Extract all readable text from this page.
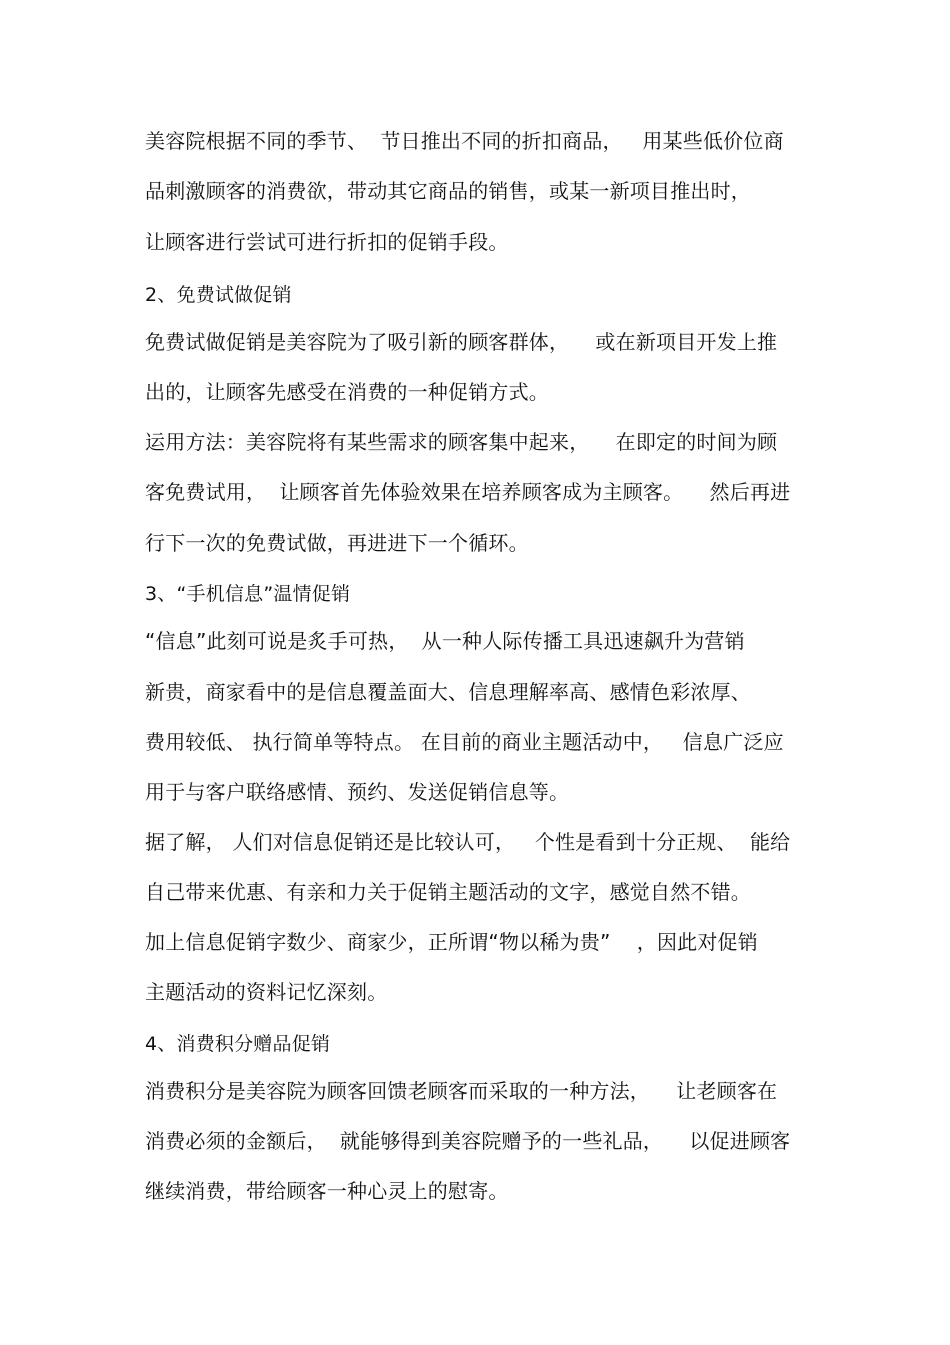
美容院根据不同的季节、  节日推出不同的折扣商品，   用某些低价位商
品刺激顾客的消费欲，带动其它商品的销售，或某一新项目推出时，
让顾客进行尝试可进行折扣的促销手段。
2、免费试做促销
免费试做促销是美容院为了吸引新的顾客群体，    或在新项目开发上推
出的，让顾客先感受在消费的一种促销方式。
运用方法：美容院将有某些需求的顾客集中起来，    在即定的时间为顾
客免费试用，  让顾客首先体验效果在培养顾客成为主顾客。    然后再进
行下一次的免费试做，再进进下一个循环。
3、“手机信息”温情促销
“信息”此刻可说是炙手可热，  从一种人际传播工具迅速飙升为营销
新贵，商家看中的是信息覆盖面大、信息理解率高、感情色彩浓厚、
费用较低、 执行简单等特点。 在目前的商业主题活动中，   信息广泛应
用于与客户联络感情、预约、发送促销信息等。
据了解， 人们对信息促销还是比较认可，   个性是看到十分正规、  能给
自己带来优惠、有亲和力关于促销主题活动的文字，感觉自然不错。
加上信息促销字数少、商家少，正所谓“物以稀为贵”    ，因此对促销
主题活动的资料记忆深刻。
4、消费积分赠品促销
消费积分是美容院为顾客回馈老顾客而采取的一种方法，    让老顾客在
消费必须的金额后，  就能够得到美容院赠予的一些礼品，    以促进顾客
继续消费，带给顾客一种心灵上的慰寄。
